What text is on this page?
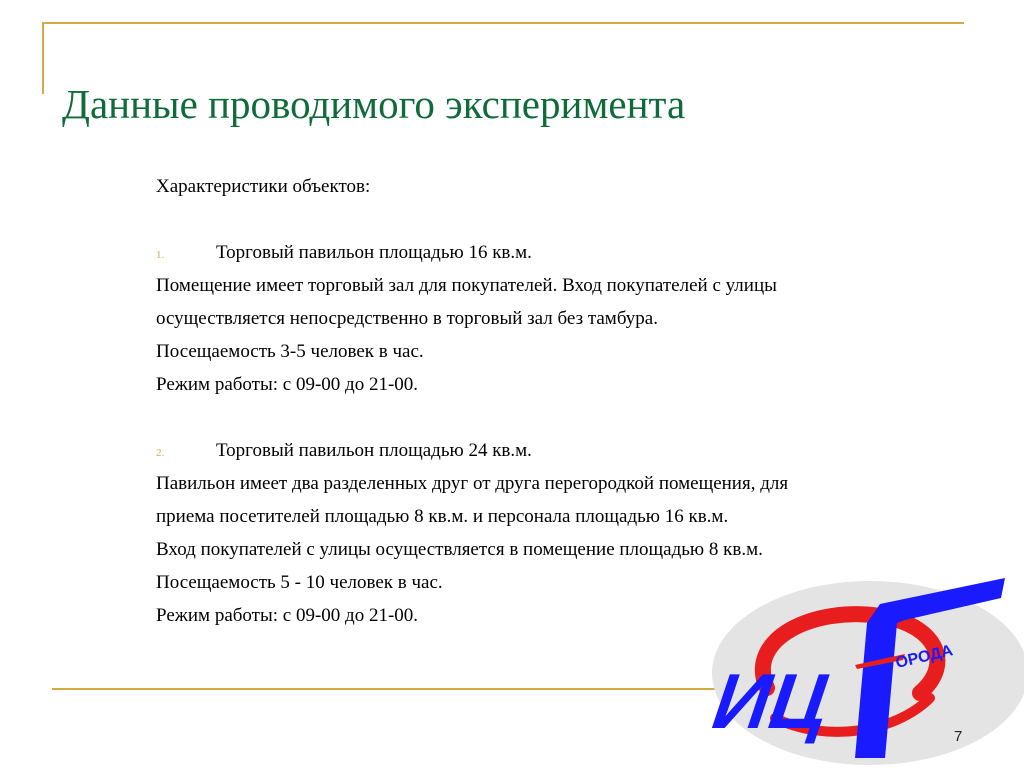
Данные проводимого эксперимента
Характеристики объектов:
1.	Торговый павильон площадью 16 кв.м.
Помещение имеет торговый зал для покупателей. Вход покупателей с улицы
осуществляется непосредственно в торговый зал без тамбура.
Посещаемость 3-5 человек в час.
Режим работы: с 09-00 до 21-00.
2.	Торговый павильон площадью 24 кв.м.
Павильон имеет два разделенных друг от друга перегородкой помещения, для
приема посетителей площадью 8 кв.м. и персонала площадью 16 кв.м.
Вход покупателей с улицы осуществляется в помещение площадью 8 кв.м.
Посещаемость 5 - 10 человек в час.
Режим работы: с 09-00 до 21-00.
ИЦ
НЕРГЕТИКА
ОРОДА
7
